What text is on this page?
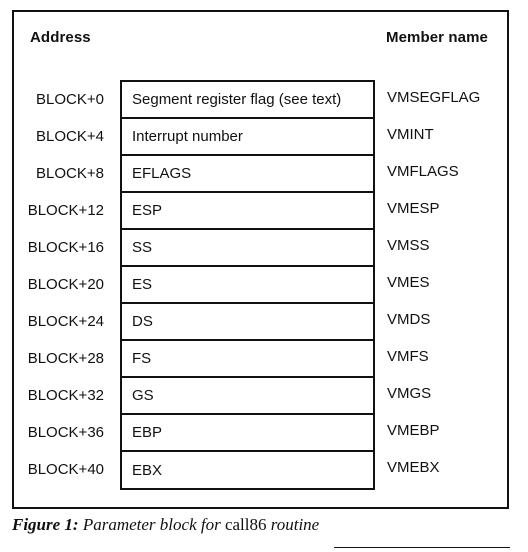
Address	Member name
BLOCK+0
BLOCK+4
BLOCK+8
BLOCK+12
BLOCK+16
BLOCK+20
BLOCK+24
BLOCK+28
BLOCK+32
BLOCK+36
BLOCK+40
Segment register flag (see text)
Interrupt number
EFLAGS
ESP
SS
ES
DS
FS
GS
EBP
EBX
VMSEGFLAG
VMINT
VMFLAGS
VMESP
VMSS
VMES
VMDS
VMFS
VMGS
VMEBP
VMEBX
Figure 1: Parameter block for call86 routine
